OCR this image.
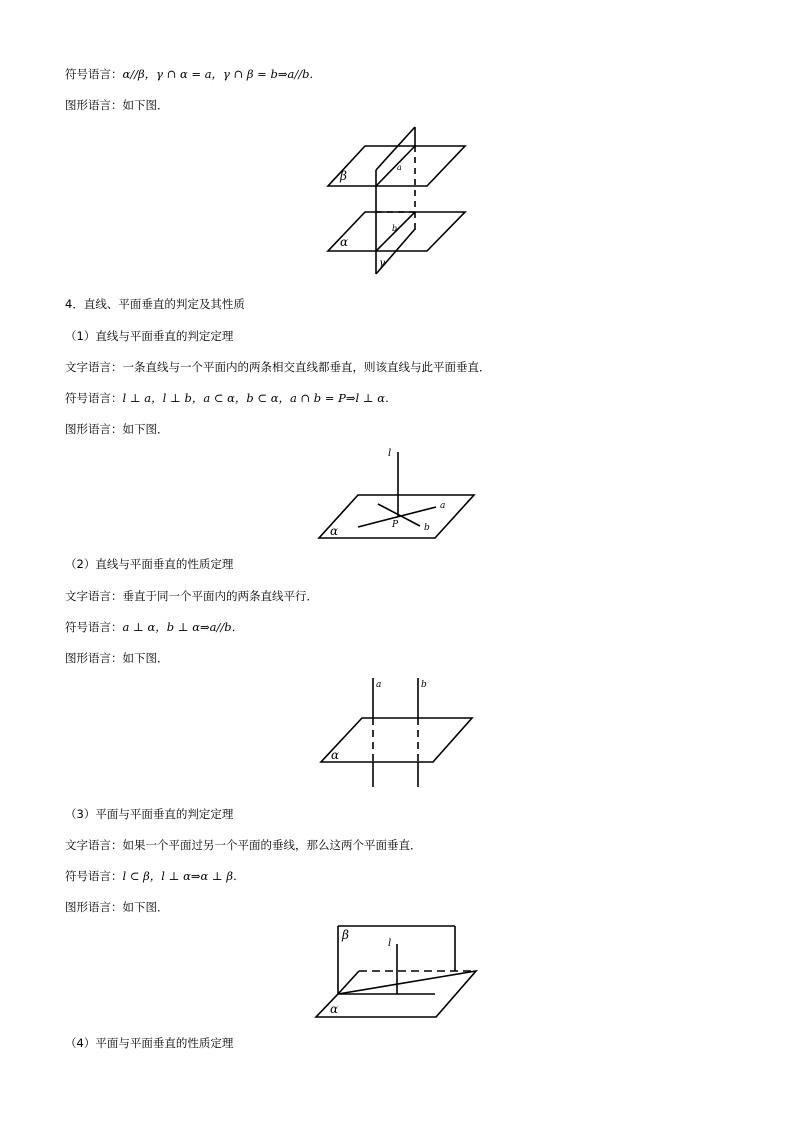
符号语言：α//β，γ ∩ α = a，γ ∩ β = b⇒a//b．
图形语言：如下图．
β
a
b
α
γ
4．直线、平面垂直的判定及其性质
（1）直线与平面垂直的判定定理
文字语言：一条直线与一个平面内的两条相交直线都垂直，则该直线与此平面垂直．
符号语言：l ⊥ a，l ⊥ b，a ⊂ α，b ⊂ α，a ∩ b = P⇒l ⊥ α．
图形语言：如下图．
l
a
b
P
α
（2）直线与平面垂直的性质定理
文字语言：垂直于同一个平面内的两条直线平行．
符号语言：a ⊥ α，b ⊥ α⇒a//b．
图形语言：如下图．
a	b
α
（3）平面与平面垂直的判定定理
文字语言：如果一个平面过另一个平面的垂线，那么这两个平面垂直．
符号语言：l ⊂ β，l ⊥ α⇒α ⊥ β．
图形语言：如下图．
β
l
α
（4）平面与平面垂直的性质定理
